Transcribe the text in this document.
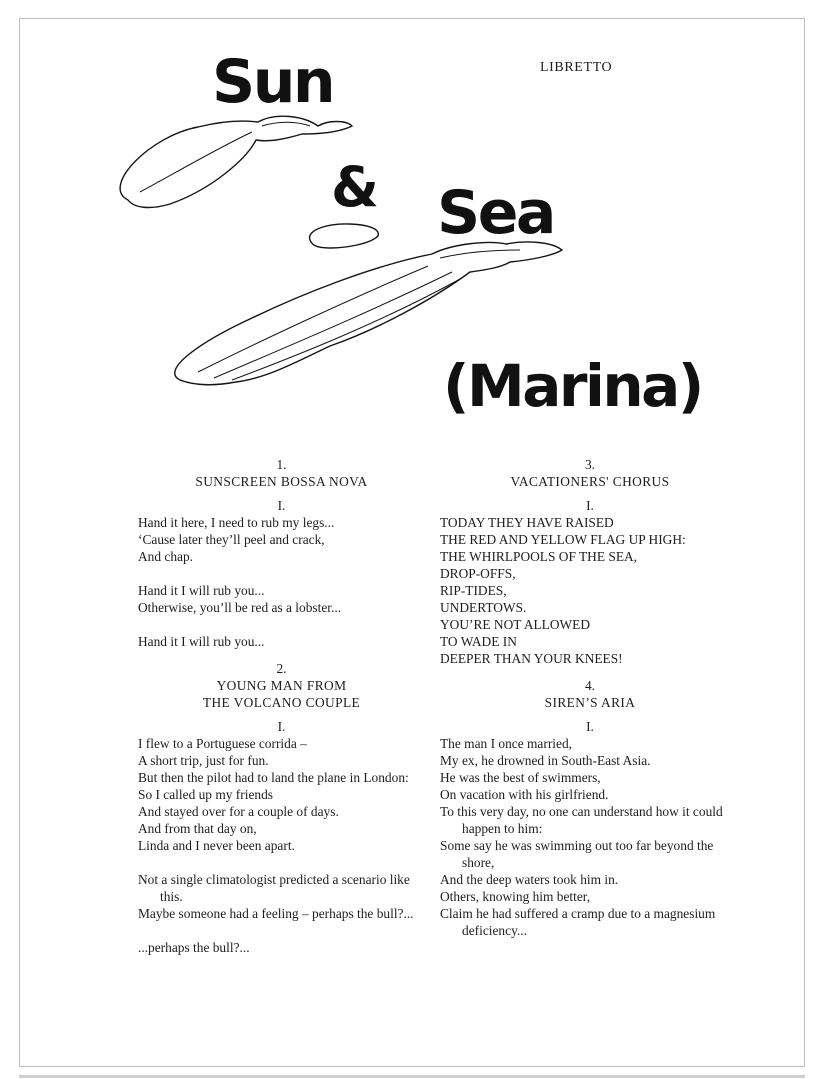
Sun
& Sea
(Marina)
LIBRETTO
1.
SUNSCREEN BOSSA NOVA
I.
Hand it here, I need to rub my legs...
‘Cause later they’ll peel and crack,
And chap.
Hand it I will rub you...
Otherwise, you’ll be red as a lobster...
Hand it I will rub you...
2.
YOUNG MAN FROM
THE VOLCANO COUPLE
I.
I flew to a Portuguese corrida –
A short trip, just for fun.
But then the pilot had to land the plane in London:
So I called up my friends
And stayed over for a couple of days.
And from that day on,
Linda and I never been apart.
Not a single climatologist predicted a scenario like this.
Maybe someone had a feeling – perhaps the bull?...
...perhaps the bull?...
3.
VACATIONERS' CHORUS
I.
TODAY THEY HAVE RAISED
THE RED AND YELLOW FLAG UP HIGH:
THE WHIRLPOOLS OF THE SEA,
DROP-OFFS,
RIP-TIDES,
UNDERTOWS.
YOU’RE NOT ALLOWED
TO WADE IN
DEEPER THAN YOUR KNEES!
4.
SIREN’S ARIA
I.
The man I once married,
My ex, he drowned in South-East Asia.
He was the best of swimmers,
On vacation with his girlfriend.
To this very day, no one can understand how it could happen to him:
Some say he was swimming out too far beyond the shore,
And the deep waters took him in.
Others, knowing him better,
Claim he had suffered a cramp due to a magnesium deficiency...
